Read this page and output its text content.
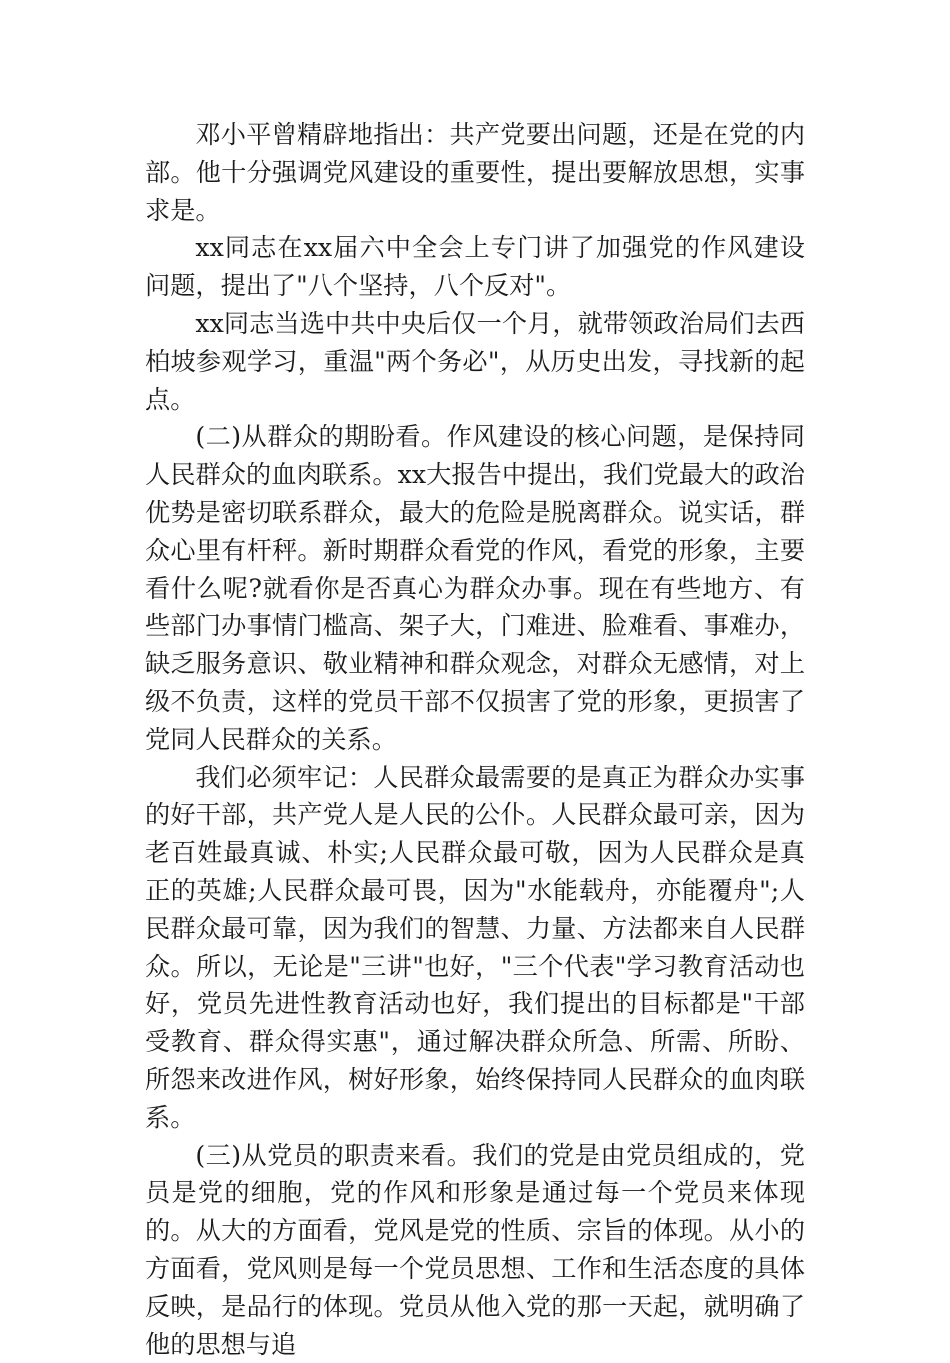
邓小平曾精辟地指出：共产党要出问题，还是在党的内部。他十分强调党风建设的重要性，提出要解放思想，实事求是。

xx同志在xx届六中全会上专门讲了加强党的作风建设问题，提出了"八个坚持，八个反对"。

xx同志当选中共中央后仅一个月，就带领政治局们去西柏坡参观学习，重温"两个务必"，从历史出发，寻找新的起点。

(二)从群众的期盼看。作风建设的核心问题，是保持同人民群众的血肉联系。xx大报告中提出，我们党最大的政治优势是密切联系群众，最大的危险是脱离群众。说实话，群众心里有杆秤。新时期群众看党的作风，看党的形象，主要看什么呢?就看你是否真心为群众办事。现在有些地方、有些部门办事情门槛高、架子大，门难进、脸难看、事难办，缺乏服务意识、敬业精神和群众观念，对群众无感情，对上级不负责，这样的党员干部不仅损害了党的形象，更损害了党同人民群众的关系。

我们必须牢记：人民群众最需要的是真正为群众办实事的好干部，共产党人是人民的公仆。人民群众最可亲，因为老百姓最真诚、朴实;人民群众最可敬，因为人民群众是真正的英雄;人民群众最可畏，因为"水能载舟，亦能覆舟";人民群众最可靠，因为我们的智慧、力量、方法都来自人民群众。所以，无论是"三讲"也好，"三个代表"学习教育活动也好，党员先进性教育活动也好，我们提出的目标都是"干部受教育、群众得实惠"，通过解决群众所急、所需、所盼、所怨来改进作风，树好形象，始终保持同人民群众的血肉联系。

(三)从党员的职责来看。我们的党是由党员组成的，党员是党的细胞，党的作风和形象是通过每一个党员来体现的。从大的方面看，党风是党的性质、宗旨的体现。从小的方面看，党风则是每一个党员思想、工作和生活态度的具体反映，是品行的体现。党员从他入党的那一天起，就明确了他的思想与追
